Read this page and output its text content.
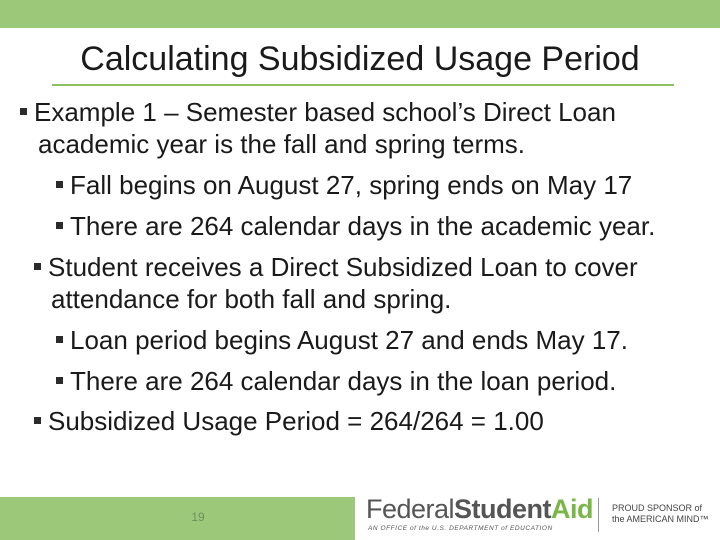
Calculating Subsidized Usage Period
Example 1 – Semester based school’s Direct Loan
academic year is the fall and spring terms.
Fall begins on August 27, spring ends on May 17
There are 264 calendar days in the academic year.
Student receives a Direct Subsidized Loan to cover
attendance for both fall and spring.
Loan period begins August 27 and ends May 17.
There are 264 calendar days in the loan period.
Subsidized Usage Period = 264/264 = 1.00
19	FederalStudentAid
AN OFFICE of the U.S. DEPARTMENT of EDUCATION
PROUD SPONSOR of
the AMERICAN MIND™
